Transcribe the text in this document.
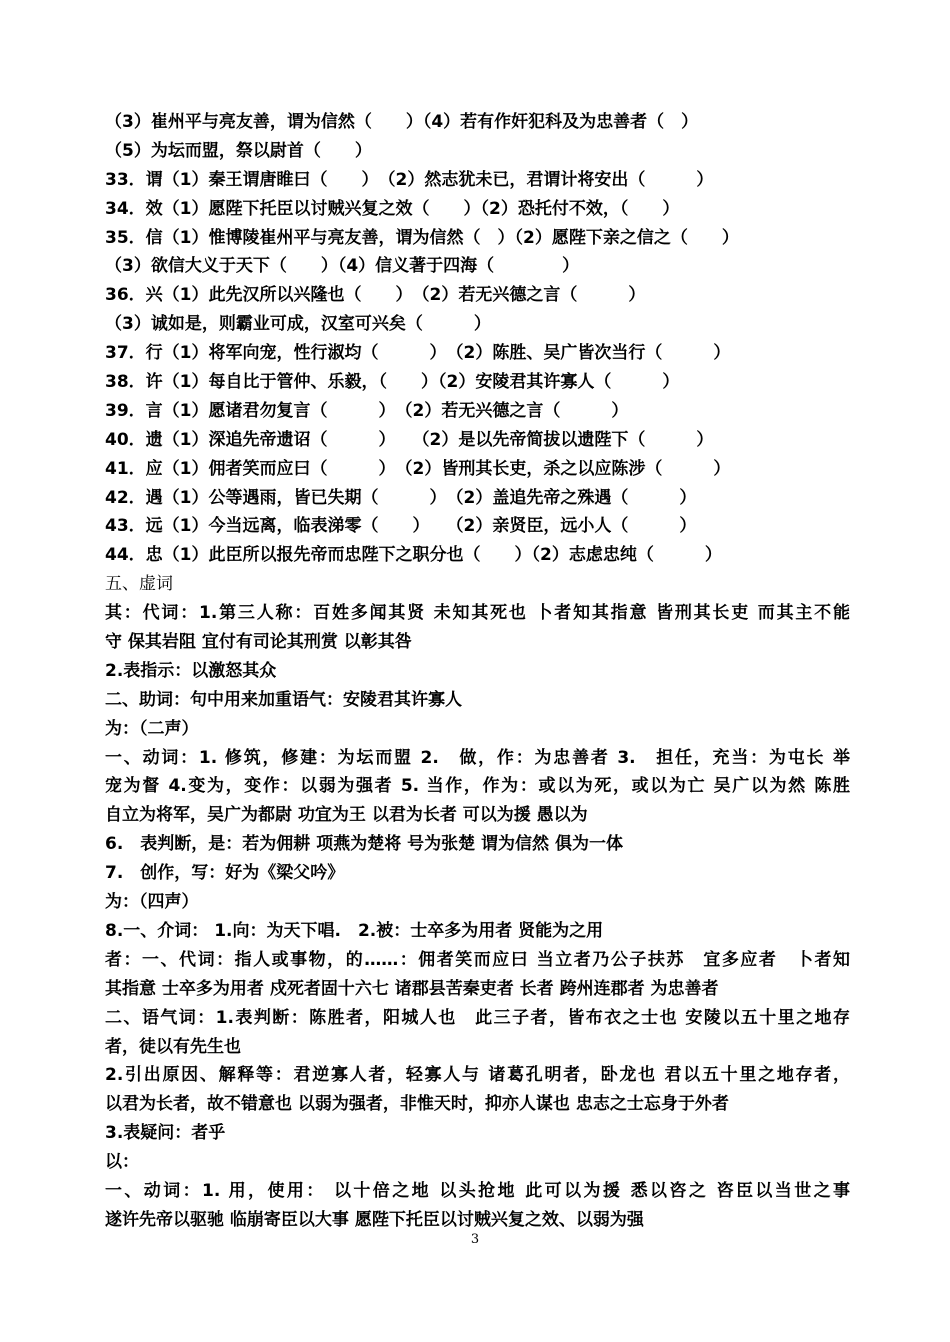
（3）崔州平与亮友善，谓为信然（　　）（4）若有作奸犯科及为忠善者（　）
（5）为坛而盟，祭以尉首（　　）
33．谓（1）秦王谓唐睢曰（　　）　（2）然志犹未已，君谓计将安出（　　　）
34．效（1）愿陛下托臣以讨贼兴复之效（　　）（2）恐托付不效，（　　）
35．信（1）惟博陵崔州平与亮友善，谓为信然（　）（2）愿陛下亲之信之（　　）
（3）欲信大义于天下（　　）（4）信义著于四海（　　　　）
36．兴（1）此先汉所以兴隆也（　　）　（2）若无兴德之言（　　　）
（3）诚如是，则霸业可成，汉室可兴矣（　　　）
37．行（1）将军向宠，性行淑均（　　　）　（2）陈胜、吴广皆次当行（　　　）
38．许（1）每自比于管仲、乐毅，（　　）（2）安陵君其许寡人（　　　）
39．言（1）愿诸君勿复言（　　　）　（2）若无兴德之言（　　　）
40．遗（1）深追先帝遗诏（　　　）　　（2）是以先帝简拔以遗陛下（　　　）
41．应（1）佣者笑而应曰（　　　）　（2）皆刑其长吏，杀之以应陈涉（　　　）
42．遇（1）公等遇雨，皆已失期（　　　）　（2）盖追先帝之殊遇（　　　）
43．远（1）今当远离，临表涕零（　　）　　（2）亲贤臣，远小人（　　　）
44．忠（1）此臣所以报先帝而忠陛下之职分也（　　）（2）志虑忠纯（　　　）
五、虚词
其：代词：1.第三人称：百姓多闻其贤 未知其死也 卜者知其指意 皆刑其长吏 而其主不能
守 保其岩阻 宜付有司论其刑赏 以彰其咎
2.表指示：以激怒其众
二、助词：句中用来加重语气：安陵君其许寡人
为：（二声）
一、动词：1. 修筑，修建：为坛而盟 2.　做，作：为忠善者 3.　担任，充当：为屯长 举
宠为督 4.变为，变作：以弱为强者 5. 当作，作为：或以为死，或以为亡 吴广以为然 陈胜
自立为将军，吴广为都尉 功宜为王 以君为长者 可以为援 愚以为
6.　表判断，是：若为佣耕 项燕为楚将 号为张楚 谓为信然 俱为一体
7.　创作，写：好为《梁父吟》
为：（四声）
8.一、介词： 1.向：为天下唱.　2.被：士卒多为用者 贤能为之用
者：一、代词：指人或事物，的……：佣者笑而应曰 当立者乃公子扶苏　宜多应者　卜者知
其指意 士卒多为用者 戍死者固十六七 诸郡县苦秦吏者 长者 跨州连郡者 为忠善者
二、语气词：1.表判断：陈胜者，阳城人也　此三子者，皆布衣之士也 安陵以五十里之地存
者，徒以有先生也
2.引出原因、解释等：君逆寡人者，轻寡人与 诸葛孔明者，卧龙也 君以五十里之地存者，
以君为长者，故不错意也 以弱为强者，非惟天时，抑亦人谋也 忠志之士忘身于外者
3.表疑问：者乎
以：
一、动词：1. 用，使用： 以十倍之地 以头抢地 此可以为援 悉以咨之 咨臣以当世之事
遂许先帝以驱驰 临崩寄臣以大事 愿陛下托臣以讨贼兴复之效、以弱为强
3
